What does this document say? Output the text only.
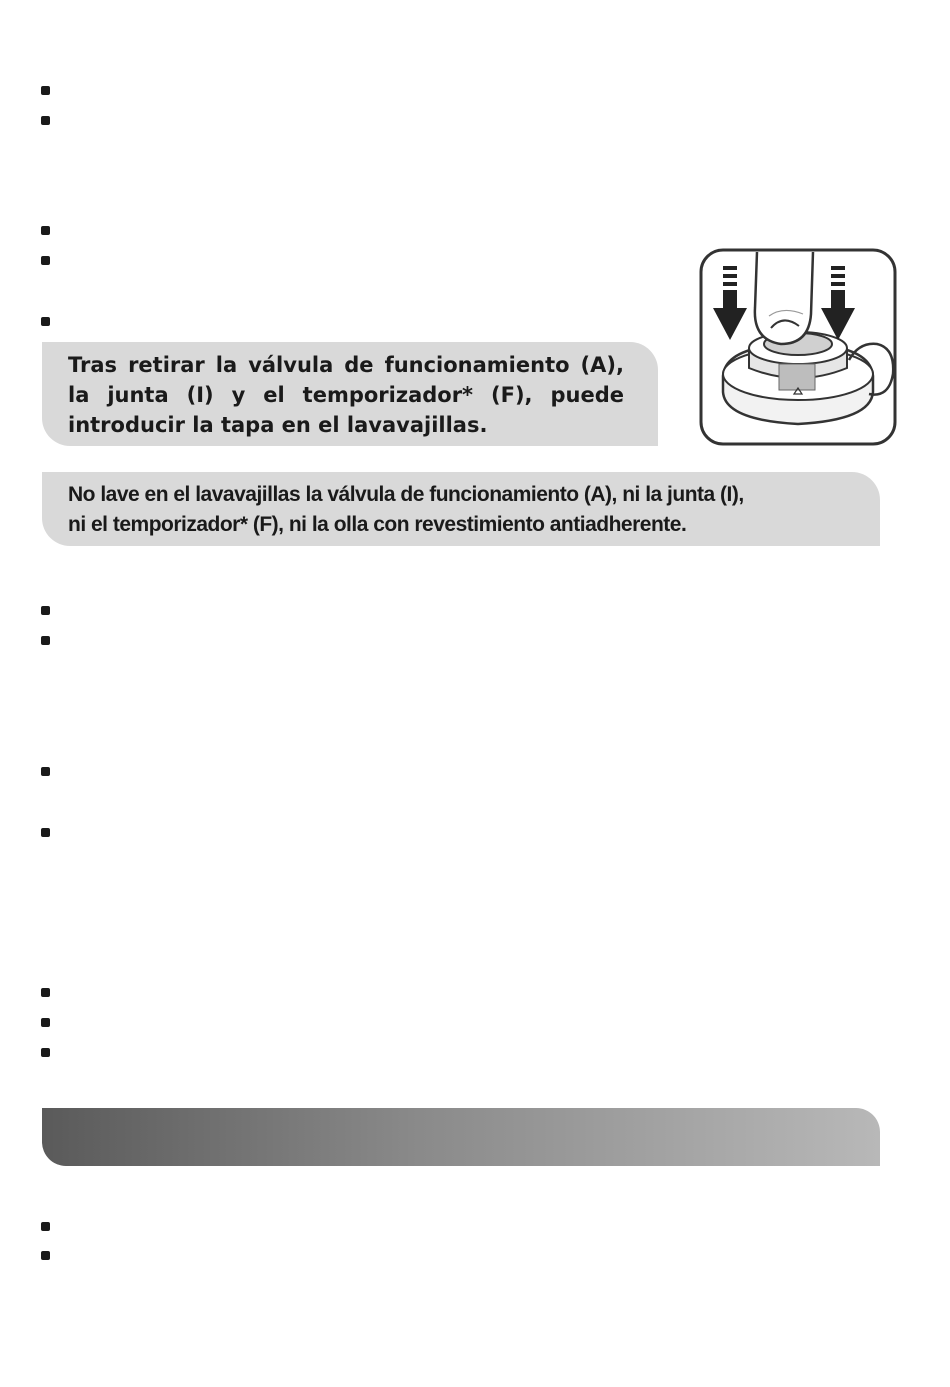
Tras retirar la válvula de funcionamiento (A), la junta (I) y el temporizador* (F), puede introducir la tapa en el lavavajillas.
No lave en el lavavajillas la válvula de funcionamiento (A), ni la junta (I),
ni el temporizador* (F), ni la olla con revestimiento antiadherente.
